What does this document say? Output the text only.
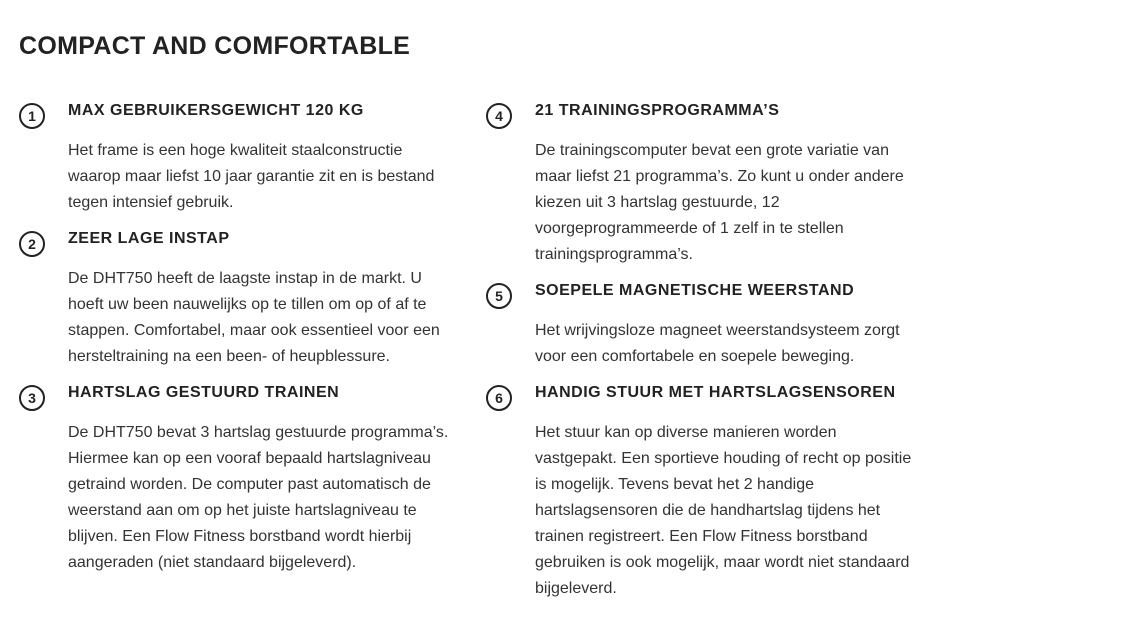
COMPACT AND COMFORTABLE
1	MAX GEBRUIKERSGEWICHT 120 KG

Het frame is een hoge kwaliteit staalconstructie waarop maar liefst 10 jaar garantie zit en is bestand tegen intensief gebruik.

2	ZEER LAGE INSTAP

De DHT750 heeft de laagste instap in de markt. U hoeft uw been nauwelijks op te tillen om op of af te stappen. Comfortabel, maar ook essentieel voor een hersteltraining na een been- of heupblessure.

3	HARTSLAG GESTUURD TRAINEN

De DHT750 bevat 3 hartslag gestuurde programma’s. Hiermee kan op een vooraf bepaald hartslagniveau getraind worden. De computer past automatisch de weerstand aan om op het juiste hartslagniveau te blijven. Een Flow Fitness borstband wordt hierbij aangeraden (niet standaard bijgeleverd).

4	21 TRAININGSPROGRAMMA’S

De trainingscomputer bevat een grote variatie van maar liefst 21 programma’s. Zo kunt u onder andere kiezen uit 3 hartslag gestuurde, 12 voorgeprogrammeerde of 1 zelf in te stellen trainingsprogramma’s.

5	SOEPELE MAGNETISCHE WEERSTAND

Het wrijvingsloze magneet weerstandsysteem zorgt voor een comfortabele en soepele beweging.

6	HANDIG STUUR MET HARTSLAGSENSOREN

Het stuur kan op diverse manieren worden vastgepakt. Een sportieve houding of recht op positie is mogelijk. Tevens bevat het 2 handige hartslagsensoren die de handhartslag tijdens het trainen registreert. Een Flow Fitness borstband gebruiken is ook mogelijk, maar wordt niet standaard bijgeleverd.
